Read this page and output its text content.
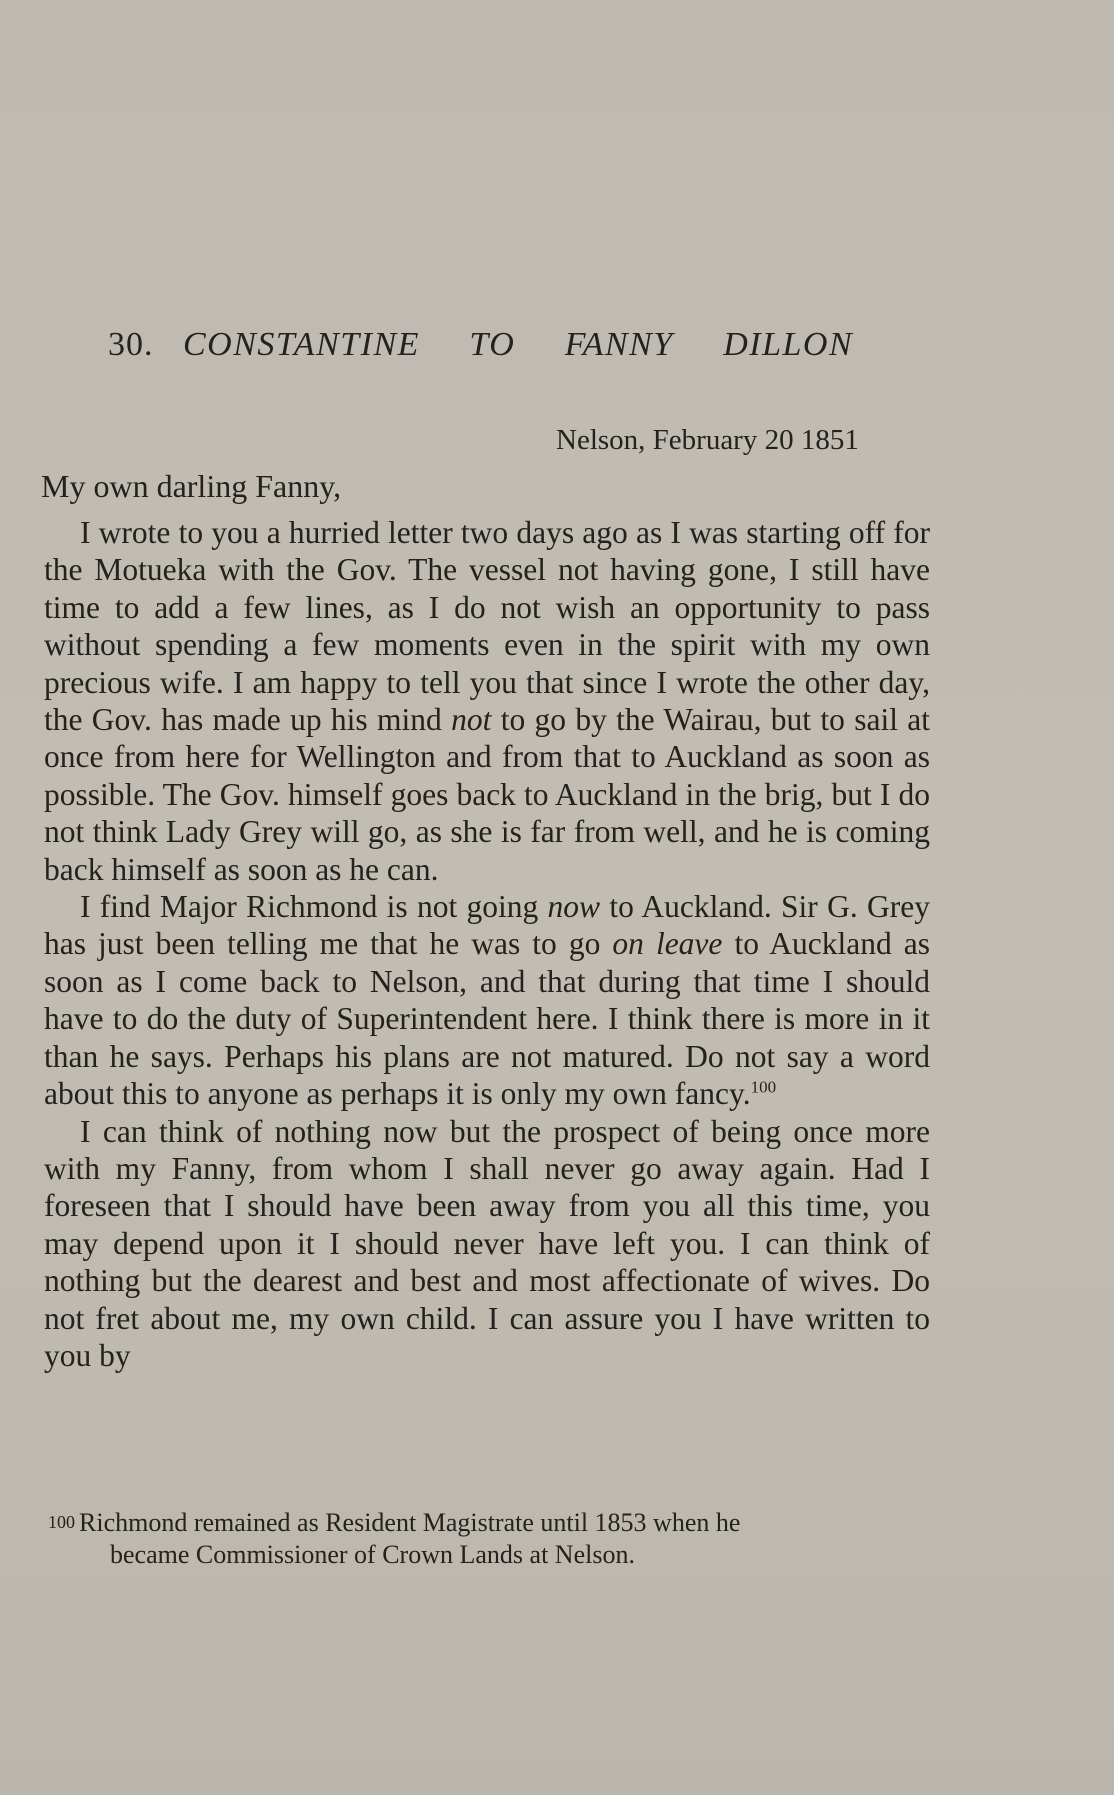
30. CONSTANTINE TO FANNY DILLON
Nelson, February 20 1851
My own darling Fanny,

I wrote to you a hurried letter two days ago as I was starting off for the Motueka with the Gov. The vessel not having gone, I still have time to add a few lines, as I do not wish an opportunity to pass without spending a few moments even in the spirit with my own precious wife. I am happy to tell you that since I wrote the other day, the Gov. has made up his mind not to go by the Wairau, but to sail at once from here for Wellington and from that to Auckland as soon as possible. The Gov. himself goes back to Auckland in the brig, but I do not think Lady Grey will go, as she is far from well, and he is coming back himself as soon as he can.

I find Major Richmond is not going now to Auckland. Sir G. Grey has just been telling me that he was to go on leave to Auckland as soon as I come back to Nelson, and that during that time I should have to do the duty of Superintendent here. I think there is more in it than he says. Perhaps his plans are not matured. Do not say a word about this to anyone as perhaps it is only my own fancy.$^{100}$

I can think of nothing now but the prospect of being once more with my Fanny, from whom I shall never go away again. Had I foreseen that I should have been away from you all this time, you may depend upon it I should never have left you. I can think of nothing but the dearest and best and most affectionate of wives. Do not fret about me, my own child. I can assure you I have written to you by

100 Richmond remained as Resident Magistrate until 1853 when he
became Commissioner of Crown Lands at Nelson.
